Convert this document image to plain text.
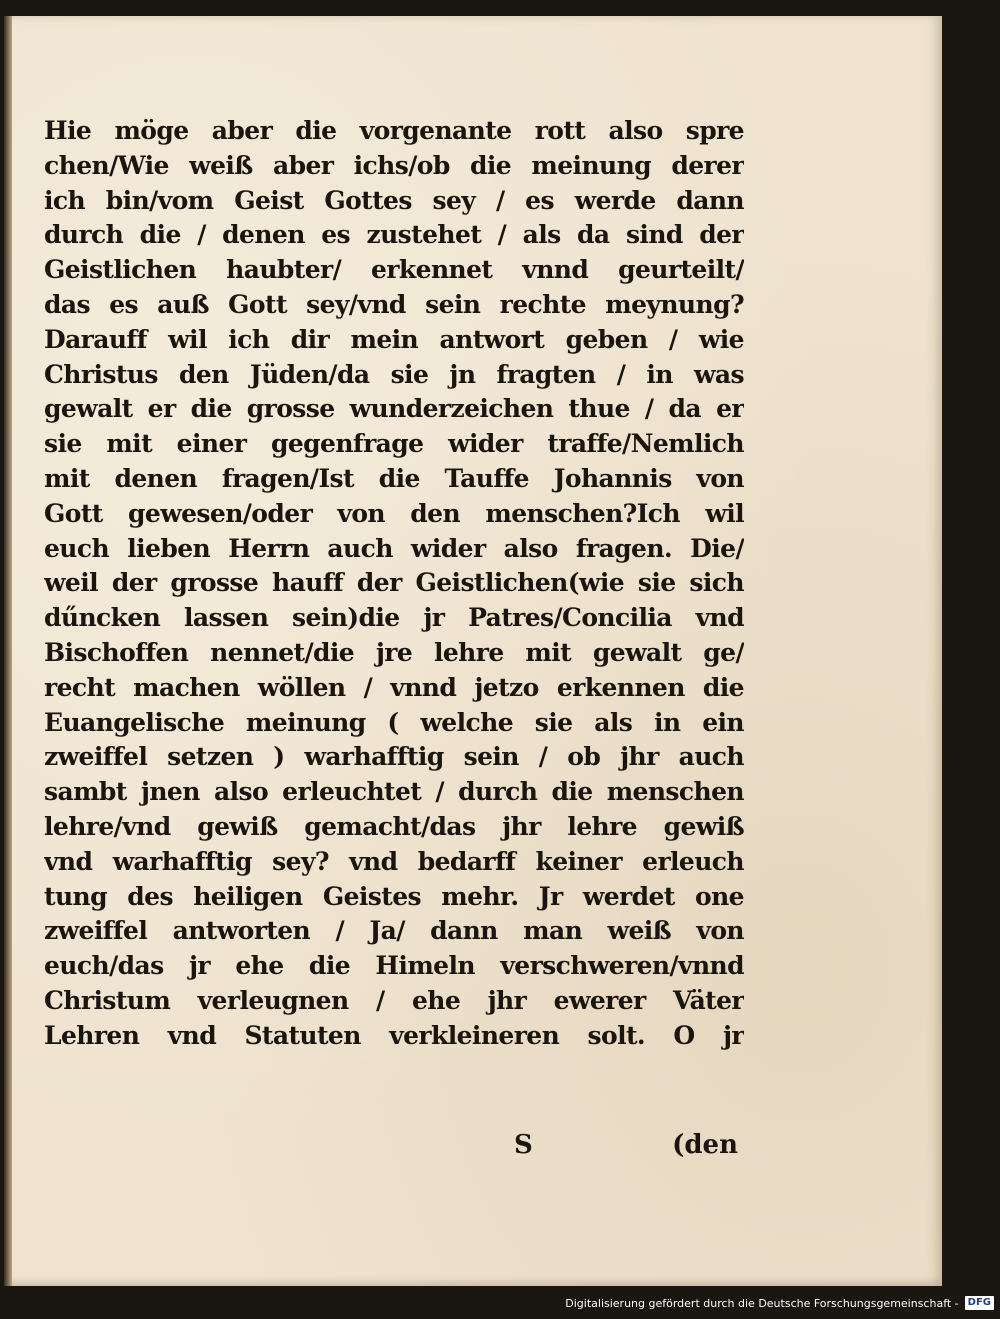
Hie möge aber die vorgenante rott also spre
chen/Wie weiß aber ichs/ob die meinung derer
ich bin/vom Geist Gottes sey / es werde dann
durch die / denen es zustehet / als da sind der
Geistlichen haubter/ erkennet vnnd geurteilt/
das es auß Gott sey/vnd sein rechte meynung?
Darauff wil ich dir mein antwort geben / wie
Christus den Jüden/da sie jn fragten / in was
gewalt er die grosse wunderzeichen thue / da er
sie mit einer gegenfrage wider traffe/Nemlich
mit denen fragen/Ist die Tauffe Johannis von
Gott gewesen/oder von den menschen?Ich wil
euch lieben Herrn auch wider also fragen. Die/
weil der grosse hauff der Geistlichen(wie sie sich
dűncken lassen sein)die jr Patres/Concilia vnd
Bischoffen nennet/die jre lehre mit gewalt ge/
recht machen wöllen / vnnd jetzo erkennen die
Euangelische meinung ( welche sie als in ein
zweiffel setzen ) warhafftig sein / ob jhr auch
sambt jnen also erleuchtet / durch die menschen
lehre/vnd gewiß gemacht/das jhr lehre gewiß
vnd warhafftig sey? vnd bedarff keiner erleuch
tung des heiligen Geistes mehr. Jr werdet one
zweiffel antworten / Ja/ dann man weiß von
euch/das jr ehe die Himeln verschweren/vnnd
Christum verleugnen / ehe jhr ewerer Väter
Lehren vnd Statuten verkleineren solt. O jr
S	(den
Digitalisierung gefördert durch die Deutsche Forschungsgemeinschaft - DFG
